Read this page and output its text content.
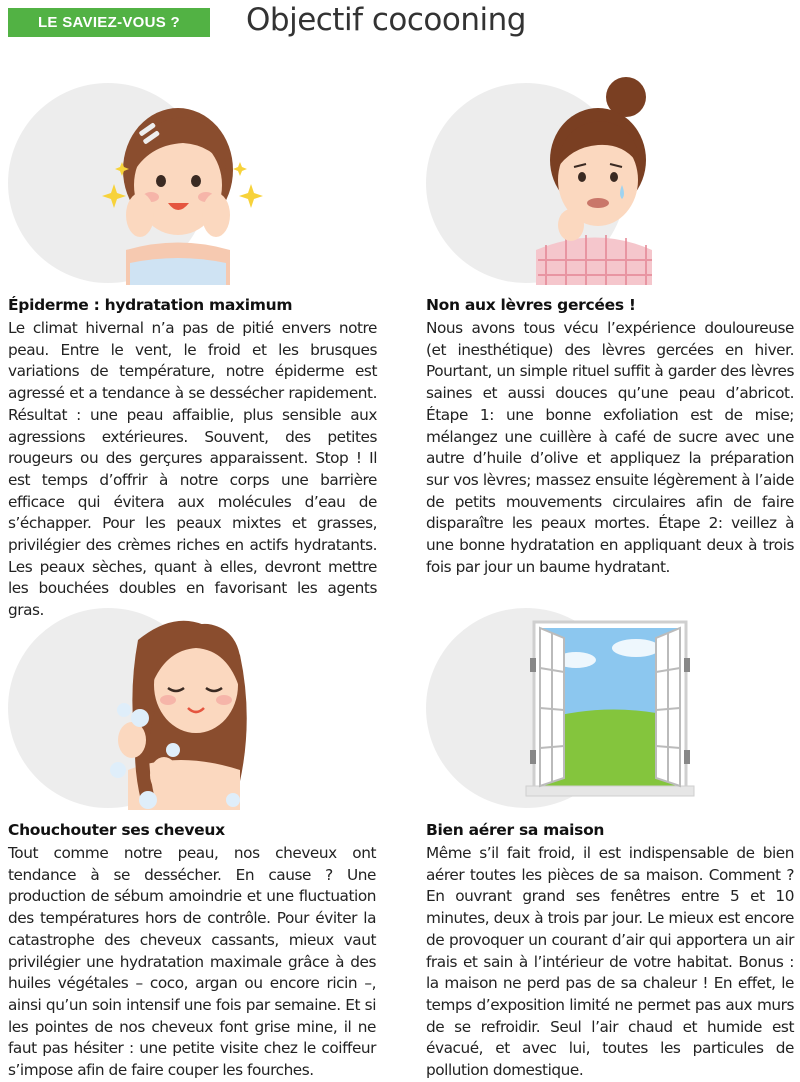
LE SAVIEZ-VOUS ?	Objectif cocooning
Épiderme : hydratation maximum
Le climat hivernal n’a pas de pitié envers notre peau. Entre le vent, le froid et les brusques variations de température, notre épiderme est agressé et a tendance à se dessécher rapidement. Résultat : une peau affaiblie, plus sensible aux agressions extérieures. Souvent, des petites rougeurs ou des gerçures apparaissent. Stop ! Il est temps d’offrir à notre corps une barrière efficace qui évitera aux molécules d’eau de s’échapper. Pour les peaux mixtes et grasses, privilégier des crèmes riches en actifs hydratants. Les peaux sèches, quant à elles, devront mettre les bouchées doubles en favorisant les agents gras.
Non aux lèvres gercées !
Nous avons tous vécu l’expérience douloureuse (et inesthétique) des lèvres gercées en hiver. Pourtant, un simple rituel suffit à garder des lèvres saines et aussi douces qu’une peau d’abricot. Étape 1: une bonne exfoliation est de mise; mélangez une cuillère à café de sucre avec une autre d’huile d’olive et appliquez la préparation sur vos lèvres; massez ensuite légèrement à l’aide de petits mouvements circulaires afin de faire disparaître les peaux mortes. Étape 2: veillez à une bonne hydratation en appliquant deux à trois fois par jour un baume hydratant.
Chouchouter ses cheveux
Tout comme notre peau, nos cheveux ont tendance à se dessécher. En cause ? Une production de sébum amoindrie et une fluctuation des températures hors de contrôle. Pour éviter la catastrophe des cheveux cassants, mieux vaut privilégier une hydratation maximale grâce à des huiles végétales – coco, argan ou encore ricin –, ainsi qu’un soin intensif une fois par semaine. Et si les pointes de nos cheveux font grise mine, il ne faut pas hésiter : une petite visite chez le coiffeur s’impose afin de faire couper les fourches.
Bien aérer sa maison
Même s’il fait froid, il est indispensable de bien aérer toutes les pièces de sa maison. Comment ? En ouvrant grand ses fenêtres entre 5 et 10 minutes, deux à trois par jour. Le mieux est encore de provoquer un courant d’air qui apportera un air frais et sain à l’intérieur de votre habitat. Bonus : la maison ne perd pas de sa chaleur ! En effet, le temps d’exposition limité ne permet pas aux murs de se refroidir. Seul l’air chaud et humide est évacué, et avec lui, toutes les particules de pollution domestique.
